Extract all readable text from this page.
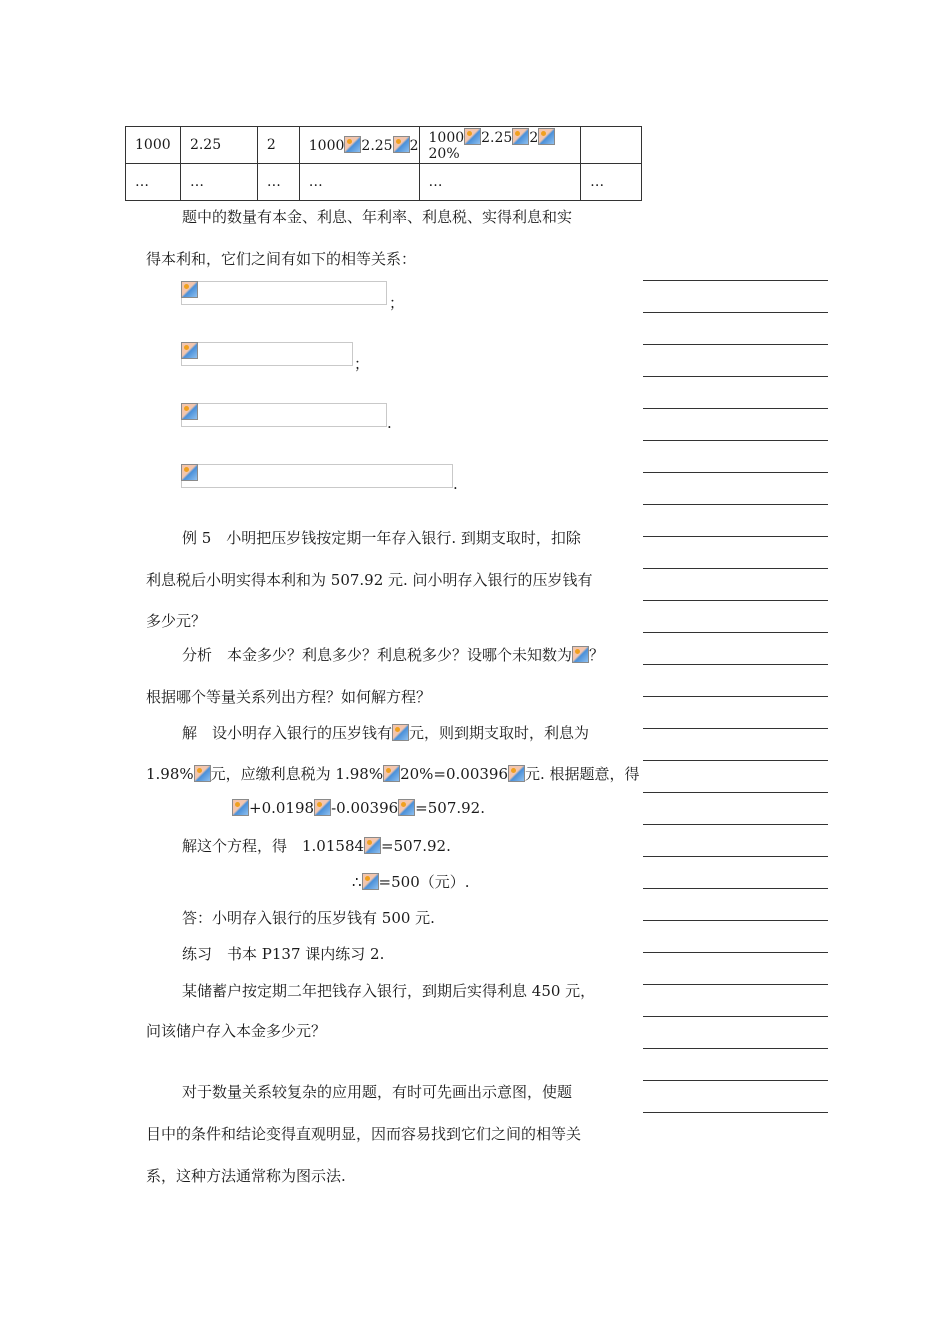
1000	2.25	2	1000 2.25 2	1000 2.25 220%	
…	…	…	…	…	…
题中的数量有本金、利息、年利率、利息税、实得利息和实
得本利和，它们之间有如下的相等关系：
；
；
.
.
例 5　小明把压岁钱按定期一年存入银行. 到期支取时，扣除
利息税后小明实得本利和为 507.92 元. 问小明存入银行的压岁钱有
多少元？
分析　本金多少？利息多少？利息税多少？设哪个未知数为 ？
根据哪个等量关系列出方程？如何解方程？
解　设小明存入银行的压岁钱有 元，则到期支取时，利息为
1.98% 元，应缴利息税为 1.98% 20%=0.00396 元. 根据题意，得
+0.0198 -0.00396 =507.92.
解这个方程，得　1.01584 =507.92.
∴ =500（元）.
答：小明存入银行的压岁钱有 500 元.
练习　书本 P137 课内练习 2.
某储蓄户按定期二年把钱存入银行，到期后实得利息 450 元，
问该储户存入本金多少元？
对于数量关系较复杂的应用题，有时可先画出示意图，使题
目中的条件和结论变得直观明显，因而容易找到它们之间的相等关
系，这种方法通常称为图示法.
